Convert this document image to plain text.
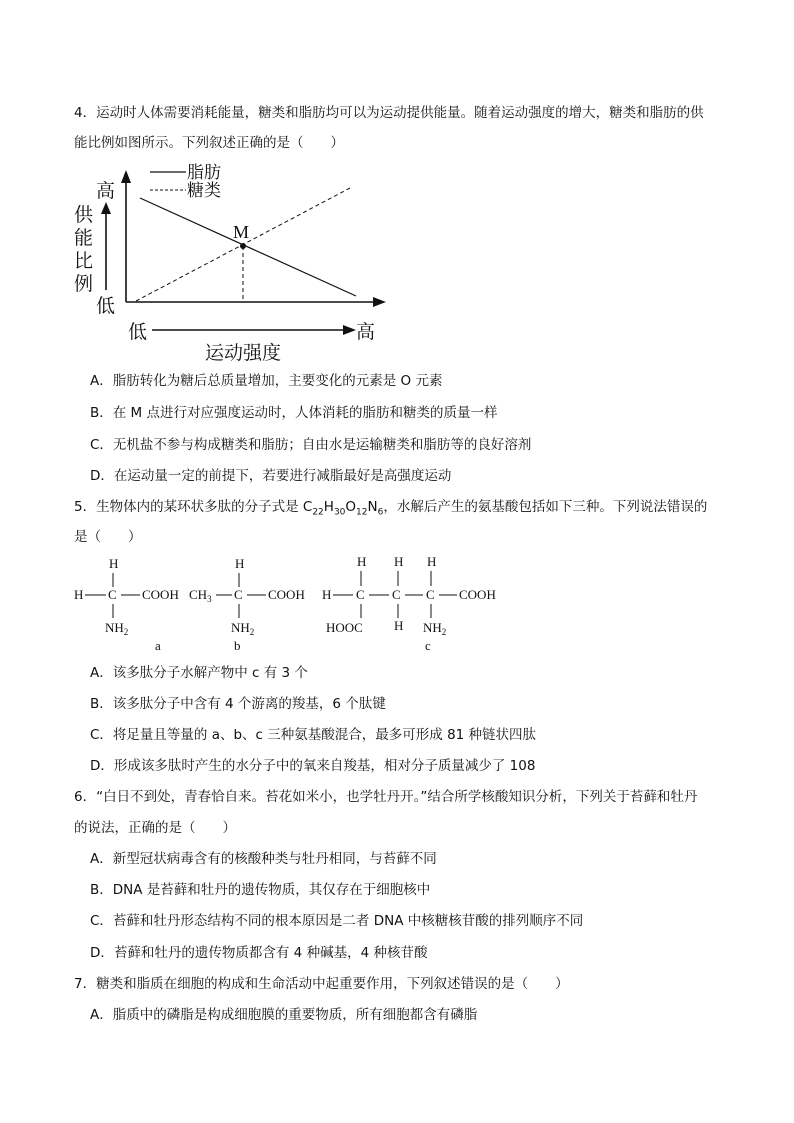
4．运动时人体需要消耗能量，糖类和脂肪均可以为运动提供能量。随着运动强度的增大，糖类和脂肪的供
能比例如图所示。下列叙述正确的是（　　）
脂肪
糖类
高
供
能
比
例
低
M
低	高
运动强度
A．脂肪转化为糖后总质量增加，主要变化的元素是 O 元素
B．在 M 点进行对应强度运动时，人体消耗的脂肪和糖类的质量一样
C．无机盐不参与构成糖类和脂肪；自由水是运输糖类和脂肪等的良好溶剂
D．在运动量一定的前提下，若要进行减脂最好是高强度运动
5．生物体内的某环状多肽的分子式是 $C_{22}H_{30}O_{12}N_6$，水解后产生的氨基酸包括如下三种。下列说法错误的
是（　　）
H
H C COOH
$NH_2$
a
$CH_3$
H
C COOH
$NH_2$
b
H H H
H C C C COOH
HOOC H $NH_2$
c
A．该多肽分子水解产物中 c 有 3 个
B．该多肽分子中含有 4 个游离的羧基，6 个肽键
C．将足量且等量的 a、b、c 三种氨基酸混合，最多可形成 81 种链状四肽
D．形成该多肽时产生的水分子中的氧来自羧基，相对分子质量减少了 108
6．“白日不到处，青春恰自来。苔花如米小，也学牡丹开。”结合所学核酸知识分析，下列关于苔藓和牡丹
的说法，正确的是（　　）
A．新型冠状病毒含有的核酸种类与牡丹相同，与苔藓不同
B．DNA 是苔藓和牡丹的遗传物质，其仅存在于细胞核中
C．苔藓和牡丹形态结构不同的根本原因是二者 DNA 中核糖核苷酸的排列顺序不同
D．苔藓和牡丹的遗传物质都含有 4 种碱基，4 种核苷酸
7．糖类和脂质在细胞的构成和生命活动中起重要作用，下列叙述错误的是（　　）
A．脂质中的磷脂是构成细胞膜的重要物质，所有细胞都含有磷脂
